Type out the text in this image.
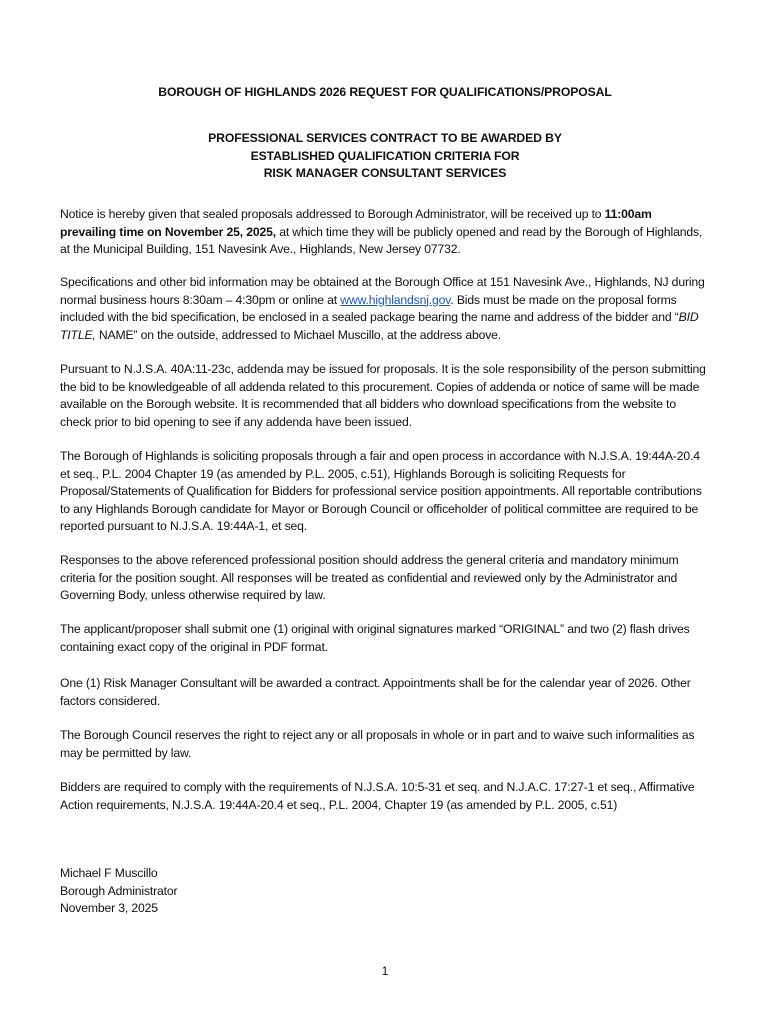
BOROUGH OF HIGHLANDS 2026 REQUEST FOR QUALIFICATIONS/PROPOSAL
PROFESSIONAL SERVICES CONTRACT TO BE AWARDED BY
ESTABLISHED QUALIFICATION CRITERIA FOR
RISK MANAGER CONSULTANT SERVICES

Notice is hereby given that sealed proposals addressed to Borough Administrator, will be received up to 11:00am prevailing time on November 25, 2025, at which time they will be publicly opened and read by the Borough of Highlands, at the Municipal Building, 151 Navesink Ave., Highlands, New Jersey 07732.

Specifications and other bid information may be obtained at the Borough Office at 151 Navesink Ave., Highlands, NJ during normal business hours 8:30am – 4:30pm or online at www.highlandsnj.gov. Bids must be made on the proposal forms included with the bid specification, be enclosed in a sealed package bearing the name and address of the bidder and “BID TITLE, NAME” on the outside, addressed to Michael Muscillo, at the address above.

Pursuant to N.J.S.A. 40A:11-23c, addenda may be issued for proposals. It is the sole responsibility of the person submitting the bid to be knowledgeable of all addenda related to this procurement. Copies of addenda or notice of same will be made available on the Borough website. It is recommended that all bidders who download specifications from the website to check prior to bid opening to see if any addenda have been issued.

The Borough of Highlands is soliciting proposals through a fair and open process in accordance with N.J.S.A. 19:44A-20.4 et seq., P.L. 2004 Chapter 19 (as amended by P.L. 2005, c.51), Highlands Borough is soliciting Requests for Proposal/Statements of Qualification for Bidders for professional service position appointments. All reportable contributions to any Highlands Borough candidate for Mayor or Borough Council or officeholder of political committee are required to be reported pursuant to N.J.S.A. 19:44A-1, et seq.

Responses to the above referenced professional position should address the general criteria and mandatory minimum criteria for the position sought. All responses will be treated as confidential and reviewed only by the Administrator and Governing Body, unless otherwise required by law.

The applicant/proposer shall submit one (1) original with original signatures marked “ORIGINAL” and two (2) flash drives containing exact copy of the original in PDF format.

One (1) Risk Manager Consultant will be awarded a contract. Appointments shall be for the calendar year of 2026. Other factors considered.

The Borough Council reserves the right to reject any or all proposals in whole or in part and to waive such informalities as may be permitted by law.

Bidders are required to comply with the requirements of N.J.S.A. 10:5-31 et seq. and N.J.A.C. 17:27-1 et seq., Affirmative Action requirements, N.J.S.A. 19:44A-20.4 et seq., P.L. 2004, Chapter 19 (as amended by P.L. 2005, c.51)

Michael F Muscillo
Borough Administrator
November 3, 2025
1
